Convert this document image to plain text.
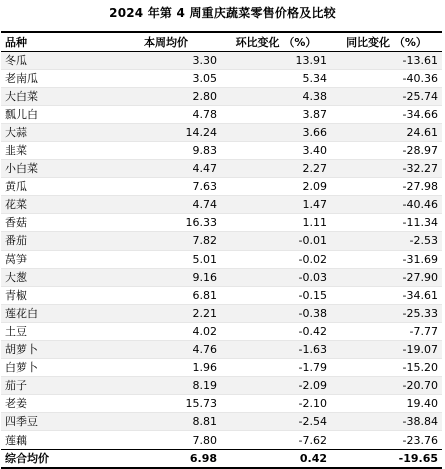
2024 年第 4 周重庆蔬菜零售价格及比较
品种	本周均价	环比变化 （%）	同比变化 （%）
冬瓜	3.30	13.91	-13.61
老南瓜	3.05	5.34	-40.36
大白菜	2.80	4.38	-25.74
瓢儿白	4.78	3.87	-34.66
大蒜	14.24	3.66	24.61
韭菜	9.83	3.40	-28.97
小白菜	4.47	2.27	-32.27
黄瓜	7.63	2.09	-27.98
花菜	4.74	1.47	-40.46
香菇	16.33	1.11	-11.34
番茄	7.82	-0.01	-2.53
莴笋	5.01	-0.02	-31.69
大葱	9.16	-0.03	-27.90
青椒	6.81	-0.15	-34.61
莲花白	2.21	-0.38	-25.33
土豆	4.02	-0.42	-7.77
胡萝卜	4.76	-1.63	-19.07
白萝卜	1.96	-1.79	-15.20
茄子	8.19	-2.09	-20.70
老姜	15.73	-2.10	19.40
四季豆	8.81	-2.54	-38.84
莲藕	7.80	-7.62	-23.76
综合均价	6.98	0.42	-19.65
